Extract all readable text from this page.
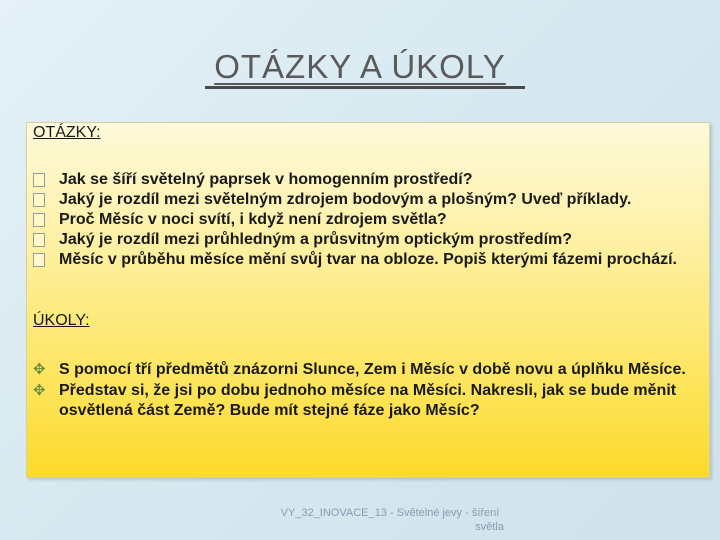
OTÁZKY A ÚKOLY
OTÁZKY:
Jak se šíří světelný paprsek v homogenním prostředí?
Jaký je rozdíl mezi světelným zdrojem bodovým a plošným? Uveď příklady.
Proč Měsíc v noci svítí, i když není zdrojem světla?
Jaký je rozdíl mezi průhledným a průsvitným optickým prostředím?
Měsíc v průběhu měsíce mění svůj tvar na obloze. Popiš kterými fázemi prochází.
ÚKOLY:
✥ S pomocí tří předmětů znázorni Slunce, Zem i Měsíc v době novu a úplňku Měsíce.
✥ Představ si, že jsi po dobu jednoho měsíce na Měsíci. Nakresli, jak se bude měnit osvětlená část Země? Bude mít stejné fáze jako Měsíc?
VY_32_INOVACE_13 - Světelné jevy - šíření
světla
